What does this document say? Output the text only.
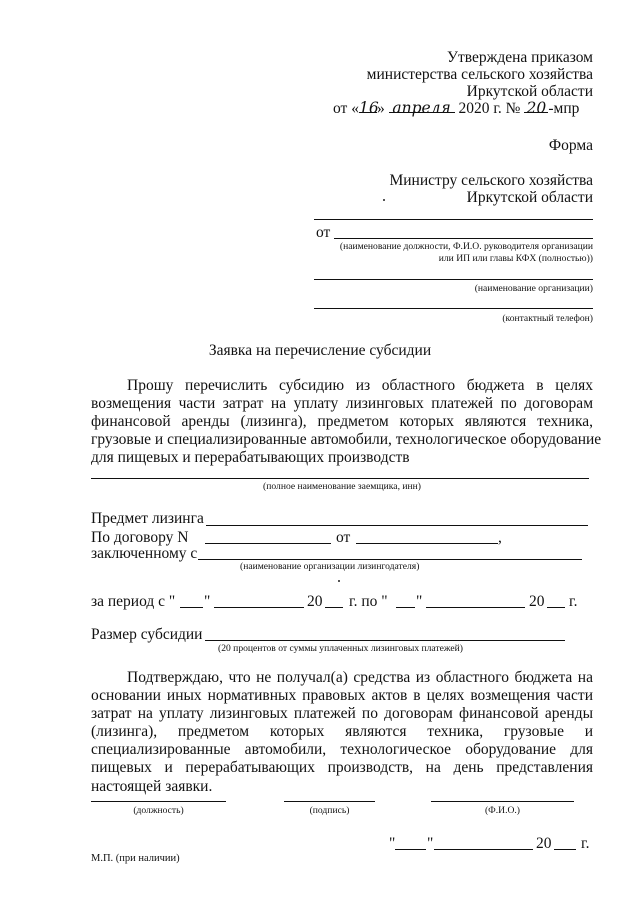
Утверждена приказом
министерства сельского хозяйства
Иркутской области
от «16» апреля 2020 г. № 20 -мпр
Форма
Министру сельского хозяйства
Иркутской области
от
(наименование должности, Ф.И.О. руководителя организации
или ИП или главы КФХ (полностью))
(наименование организации)
(контактный телефон)
Заявка на перечисление субсидии
Прошу перечислить субсидию из областного бюджета в целях
возмещения части затрат на уплату лизинговых платежей по договорам
финансовой аренды (лизинга), предметом которых являются техника,
грузовые и специализированные автомобили, технологическое оборудование
для пищевых и перерабатывающих производств
(полное наименование заемщика, инн)
Предмет лизинга
По договору N	от	,
заключенному с
(наименование организации лизингодателя)
за период с " "	20 г. по " "	20 г.
Размер субсидии
(20 процентов от суммы уплаченных лизинговых платежей)
Подтверждаю, что не получал(а) средства из областного бюджета на
основании иных нормативных правовых актов в целях возмещения части
затрат на уплату лизинговых платежей по договорам финансовой аренды
(лизинга), предметом которых являются техника, грузовые и
специализированные автомобили, технологическое оборудование для
пищевых и перерабатывающих производств, на день представления
настоящей заявки.
(должность)	(подпись)	(Ф.И.О.)
" "	20 г.
М.П. (при наличии)
